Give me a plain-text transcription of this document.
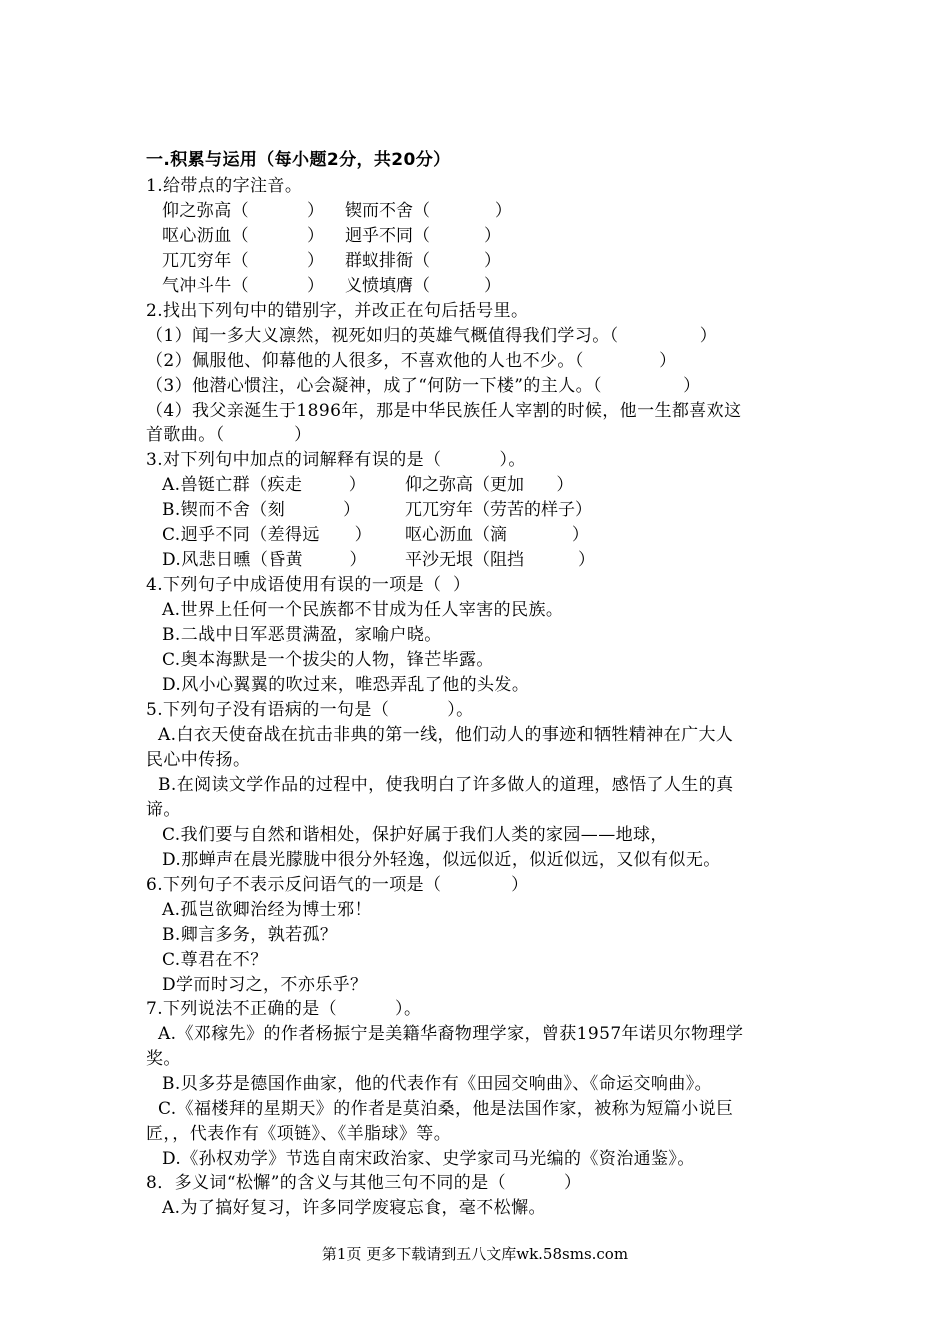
一.积累与运用（每小题2分，共20分）
1.给带点的字注音。
仰之弥高（          ） 锲而不舍（            ）
呕心沥血（          ） 迥乎不同（          ）
兀兀穷年（          ） 群蚁排衙（          ）
气冲斗牛（          ） 义愤填膺（          ）
2.找出下列句中的错别字，并改正在句后括号里。
（1）闻一多大义凛然，视死如归的英雄气概值得我们学习。（              ）
（2）佩服他、仰幕他的人很多，不喜欢他的人也不少。（             ）
（3）他潜心惯注，心会凝神，成了“何防一下楼”的主人。（              ）
（4）我父亲涎生于1896年，那是中华民族任人宰割的时候，他一生都喜欢这
首歌曲。（            ）
3.对下列句中加点的词解释有误的是（          ）。
A.兽铤亡群（疾走        ） 仰之弥高（更加      ）
B.锲而不舍（刻          ）	兀兀穷年（劳苦的样子）
C.迥乎不同（差得远      ） 呕心沥血（滴            ）
D.风悲日曛（昏黄        ） 平沙无垠（阻挡          ）
4.下列句子中成语使用有误的一项是（  ）
A.世界上任何一个民族都不甘成为任人宰害的民族。
B.二战中日军恶贯满盈，家喻户晓。
C.奥本海默是一个拔尖的人物，锋芒毕露。
D.风小心翼翼的吹过来，唯恐弄乱了他的头发。
5.下列句子没有语病的一句是（          ）。
A.白衣天使奋战在抗击非典的第一线，他们动人的事迹和牺牲精神在广大人
民心中传扬。
B.在阅读文学作品的过程中，使我明白了许多做人的道理，感悟了人生的真
谛。
C.我们要与自然和谐相处，保护好属于我们人类的家园——地球，
D.那蝉声在晨光朦胧中很分外轻逸，似远似近，似近似远，又似有似无。
6.下列句子不表示反问语气的一项是（            ）
A.孤岂欲卿治经为博士邪！
B.卿言多务，孰若孤？
C.尊君在不？
D学而时习之，不亦乐乎？
7.下列说法不正确的是（          ）。
A.《邓稼先》的作者杨振宁是美籍华裔物理学家，曾获1957年诺贝尔物理学
奖。
B.贝多芬是德国作曲家，他的代表作有《田园交响曲》、《命运交响曲》。
C.《福楼拜的星期天》的作者是莫泊桑，他是法国作家，被称为短篇小说巨
匠，，代表作有《项链》、《羊脂球》等。
D.《孙权劝学》节选自南宋政治家、史学家司马光编的《资治通鉴》。
8．多义词“松懈”的含义与其他三句不同的是（          ）
A.为了搞好复习，许多同学废寝忘食，毫不松懈。
第1页 更多下载请到五八文库wk.58sms.com
